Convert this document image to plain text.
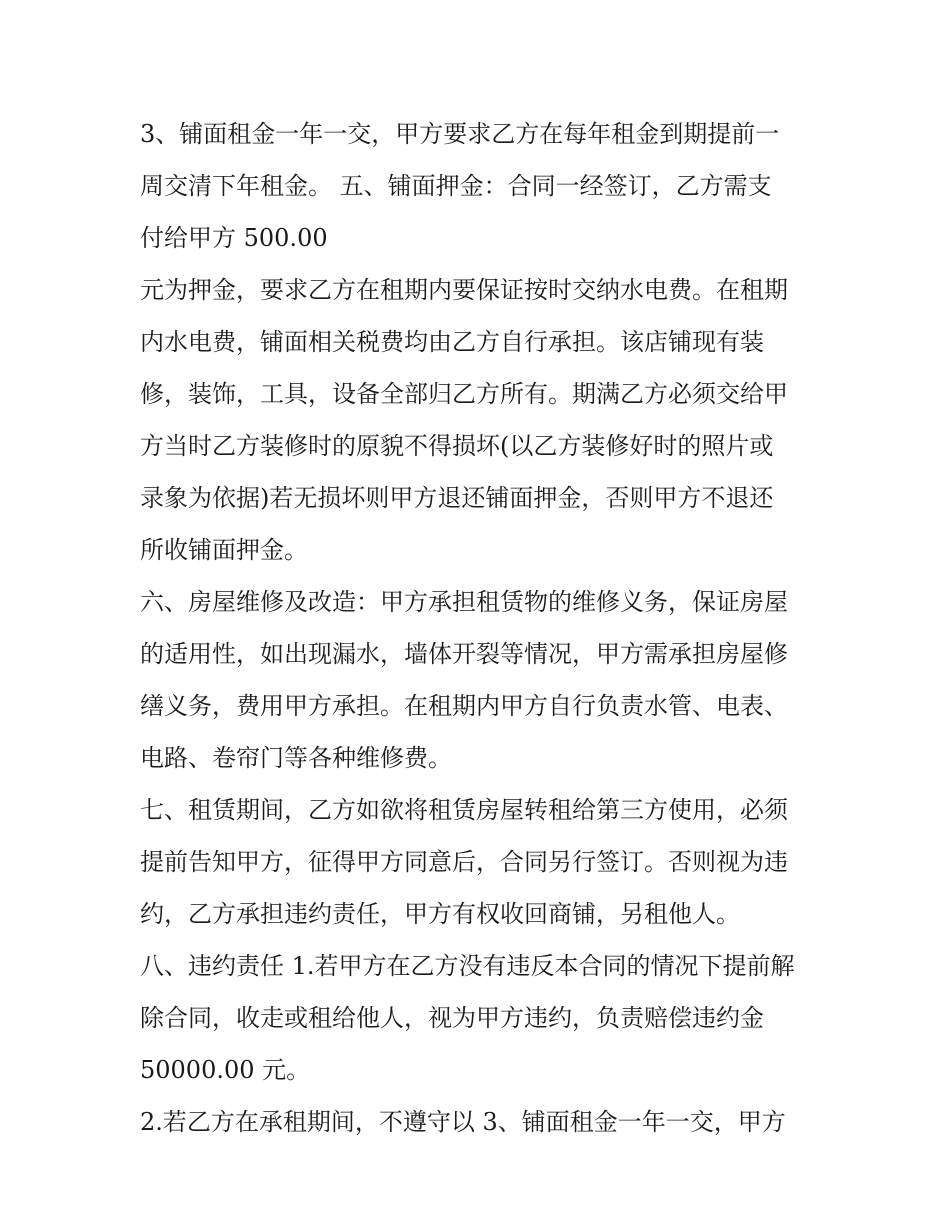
3、铺面租金一年一交，甲方要求乙方在每年租金到期提前一
周交清下年租金。 五、铺面押金：合同一经签订，乙方需支
付给甲方 500.00
元为押金，要求乙方在租期内要保证按时交纳水电费。在租期
内水电费，铺面相关税费均由乙方自行承担。该店铺现有装
修，装饰，工具，设备全部归乙方所有。期满乙方必须交给甲
方当时乙方装修时的原貌不得损坏(以乙方装修好时的照片或
录象为依据)若无损坏则甲方退还铺面押金，否则甲方不退还
所收铺面押金。
六、房屋维修及改造：甲方承担租赁物的维修义务，保证房屋
的适用性，如出现漏水，墙体开裂等情况，甲方需承担房屋修
缮义务，费用甲方承担。在租期内甲方自行负责水管、电表、
电路、卷帘门等各种维修费。
七、租赁期间，乙方如欲将租赁房屋转租给第三方使用，必须
提前告知甲方，征得甲方同意后，合同另行签订。否则视为违
约，乙方承担违约责任，甲方有权收回商铺，另租他人。
八、违约责任 1.若甲方在乙方没有违反本合同的情况下提前解
除合同，收走或租给他人，视为甲方违约，负责赔偿违约金
50000.00 元。
2.若乙方在承租期间，不遵守以 3、铺面租金一年一交，甲方
